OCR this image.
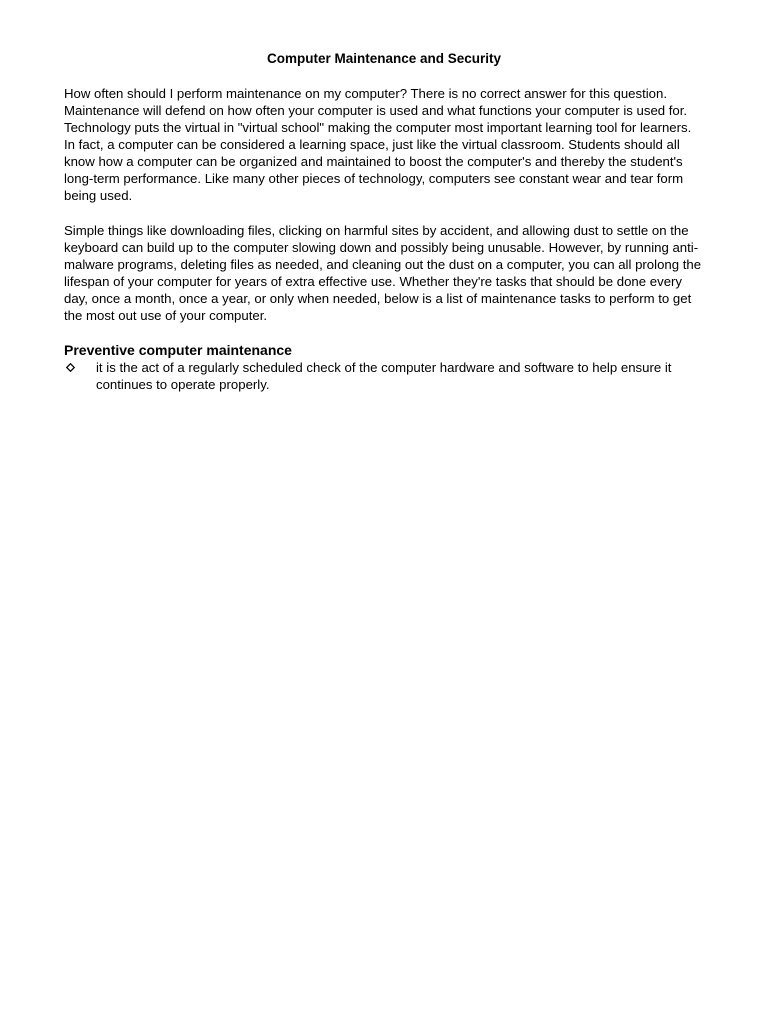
Computer Maintenance and Security

How often should I perform maintenance on my computer? There is no correct answer for this question. Maintenance will defend on how often your computer is used and what functions your computer is used for. Technology puts the virtual in "virtual school" making the computer most important learning tool for learners. In fact, a computer can be considered a learning space, just like the virtual classroom. Students should all know how a computer can be organized and maintained to boost the computer's and thereby the student's long-term performance. Like many other pieces of technology, computers see constant wear and tear form being used.

Simple things like downloading files, clicking on harmful sites by accident, and allowing dust to settle on the keyboard can build up to the computer slowing down and possibly being unusable. However, by running anti-malware programs, deleting files as needed, and cleaning out the dust on a computer, you can all prolong the lifespan of your computer for years of extra effective use. Whether they're tasks that should be done every day, once a month, once a year, or only when needed, below is a list of maintenance tasks to perform to get the most out use of your computer.

Preventive computer maintenance
it is the act of a regularly scheduled check of the computer hardware and software to help ensure it continues to operate properly.
